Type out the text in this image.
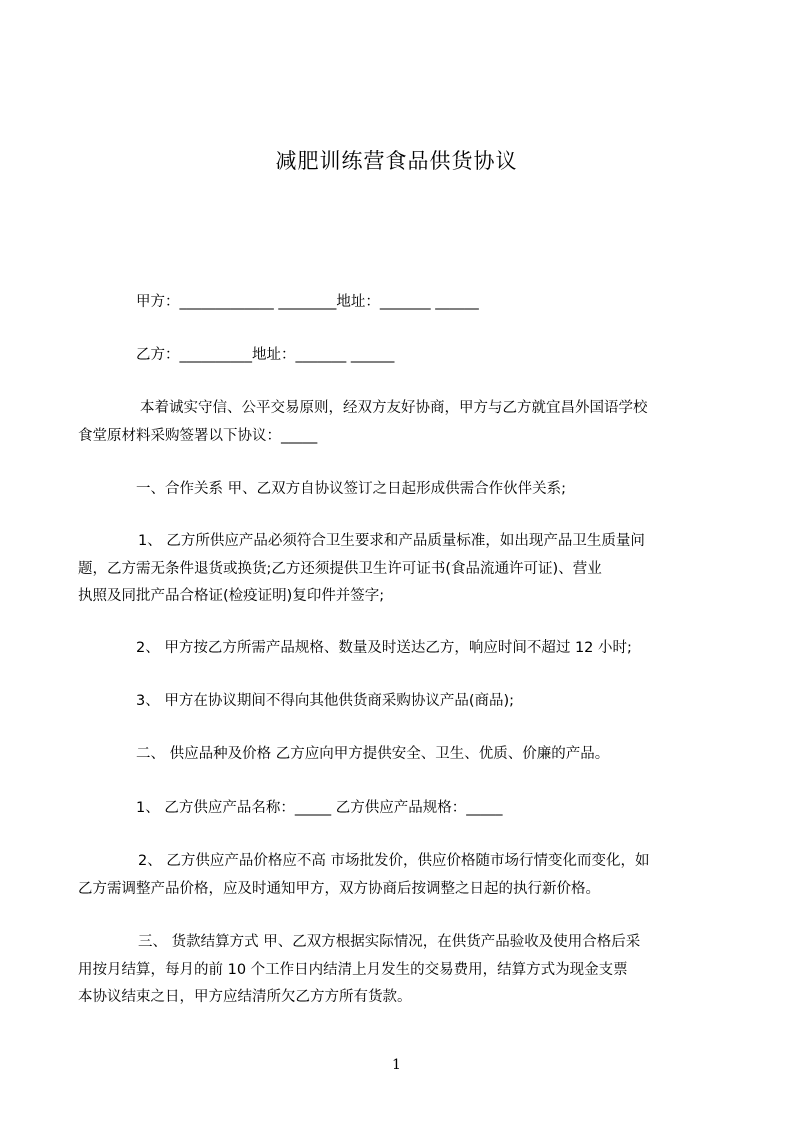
减肥训练营食品供货协议
甲方：_____________ ________地址：_______ ______
乙方：__________地址：_______ ______
本着诚实守信、公平交易原则，经双方友好协商，甲方与乙方就宜昌外国语学校
食堂原材料采购签署以下协议：_____
一、合作关系 甲、乙双方自协议签订之日起形成供需合作伙伴关系;
1、 乙方所供应产品必须符合卫生要求和产品质量标准，如出现产品卫生质量问
题，乙方需无条件退货或换货;乙方还须提供卫生许可证书(食品流通许可证)、营业
执照及同批产品合格证(检疫证明)复印件并签字;
2、 甲方按乙方所需产品规格、数量及时送达乙方，响应时间不超过 12 小时;
3、 甲方在协议期间不得向其他供货商采购协议产品(商品);
二、 供应品种及价格 乙方应向甲方提供安全、卫生、优质、价廉的产品。
1、 乙方供应产品名称：_____ 乙方供应产品规格：_____
2、 乙方供应产品价格应不高 市场批发价，供应价格随市场行情变化而变化，如
乙方需调整产品价格，应及时通知甲方，双方协商后按调整之日起的执行新价格。
三、 货款结算方式 甲、乙双方根据实际情况，在供货产品验收及使用合格后采
用按月结算，每月的前 10 个工作日内结清上月发生的交易费用，结算方式为现金支票
本协议结束之日，甲方应结清所欠乙方方所有货款。
1
